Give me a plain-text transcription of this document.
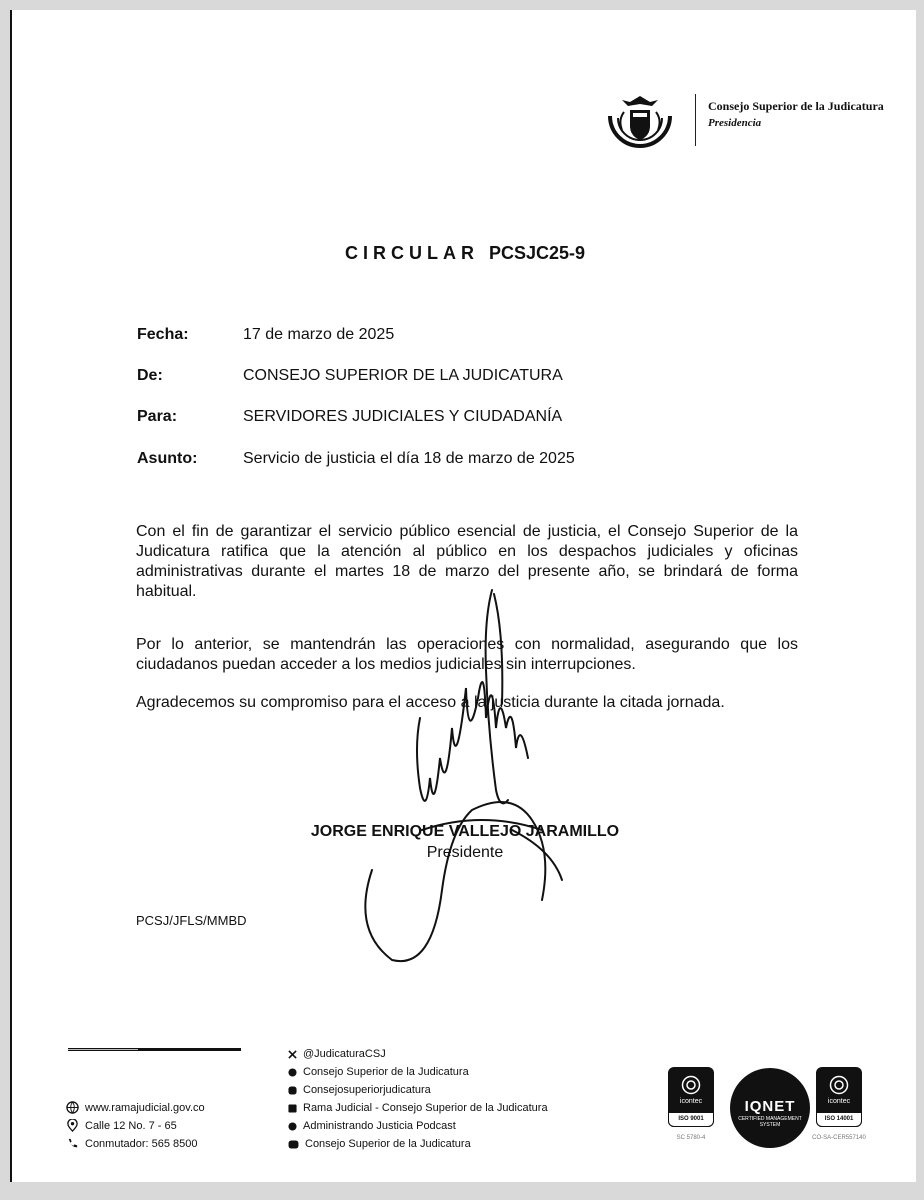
Consejo Superior de la Judicatura
Presidencia
CIRCULAR PCSJC25-9
Fecha:	17 de marzo de 2025
De:	CONSEJO SUPERIOR DE LA JUDICATURA
Para:	SERVIDORES JUDICIALES Y CIUDADANÍA
Asunto:	Servicio de justicia el día 18 de marzo de 2025
Con el fin de garantizar el servicio público esencial de justicia, el Consejo Superior de la Judicatura ratifica que la atención al público en los despachos judiciales y oficinas administrativas durante el martes 18 de marzo del presente año, se brindará de forma habitual.
Por lo anterior, se mantendrán las operaciones con normalidad, asegurando que los ciudadanos puedan acceder a los medios judiciales sin interrupciones.
Agradecemos su compromiso para el acceso a la justicia durante la citada jornada.
JORGE ENRIQUE VALLEJO JARAMILLO
Presidente
PCSJ/JFLS/MMBD
www.ramajudicial.gov.co
Calle 12 No. 7 - 65
Conmutador: 565 8500
@JudicaturaCSJ
Consejo Superior de la Judicatura
Consejosuperiorjudicatura
Rama Judicial - Consejo Superior de la Judicatura
Administrando Justicia Podcast
Consejo Superior de la Judicatura
icontec
ISO 9001
SC 5780-4
IQNET
CERTIFIED MANAGEMENT SYSTEM
icontec
ISO 14001
CO-SA-CER557140
